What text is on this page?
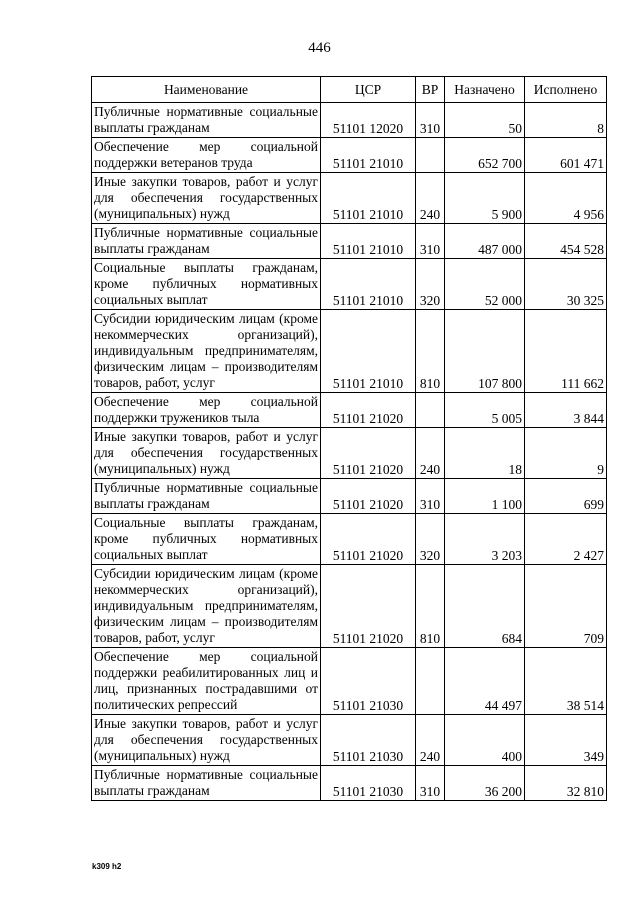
446
Наименование	ЦСР	ВР	Назначено	Исполнено
Публичные нормативные социальные выплаты гражданам	51101 12020	310	50	8
Обеспечение мер социальной поддержки ветеранов труда	51101 21010		652 700	601 471
Иные закупки товаров, работ и услуг для обеспечения государственных (муниципальных) нужд	51101 21010	240	5 900	4 956
Публичные нормативные социальные выплаты гражданам	51101 21010	310	487 000	454 528
Социальные выплаты гражданам, кроме публичных нормативных социальных выплат	51101 21010	320	52 000	30 325
Субсидии юридическим лицам (кроме некоммерческих организаций), индивидуальным предпринимателям, физическим лицам – производителям товаров, работ, услуг	51101 21010	810	107 800	111 662
Обеспечение мер социальной поддержки тружеников тыла	51101 21020		5 005	3 844
Иные закупки товаров, работ и услуг для обеспечения государственных (муниципальных) нужд	51101 21020	240	18	9
Публичные нормативные социальные выплаты гражданам	51101 21020	310	1 100	699
Социальные выплаты гражданам, кроме публичных нормативных социальных выплат	51101 21020	320	3 203	2 427
Субсидии юридическим лицам (кроме некоммерческих организаций), индивидуальным предпринимателям, физическим лицам – производителям товаров, работ, услуг	51101 21020	810	684	709
Обеспечение мер социальной поддержки реабилитированных лиц и лиц, признанных пострадавшими от политических репрессий	51101 21030		44 497	38 514
Иные закупки товаров, работ и услуг для обеспечения государственных (муниципальных) нужд	51101 21030	240	400	349
Публичные нормативные социальные выплаты гражданам	51101 21030	310	36 200	32 810
k309 h2
